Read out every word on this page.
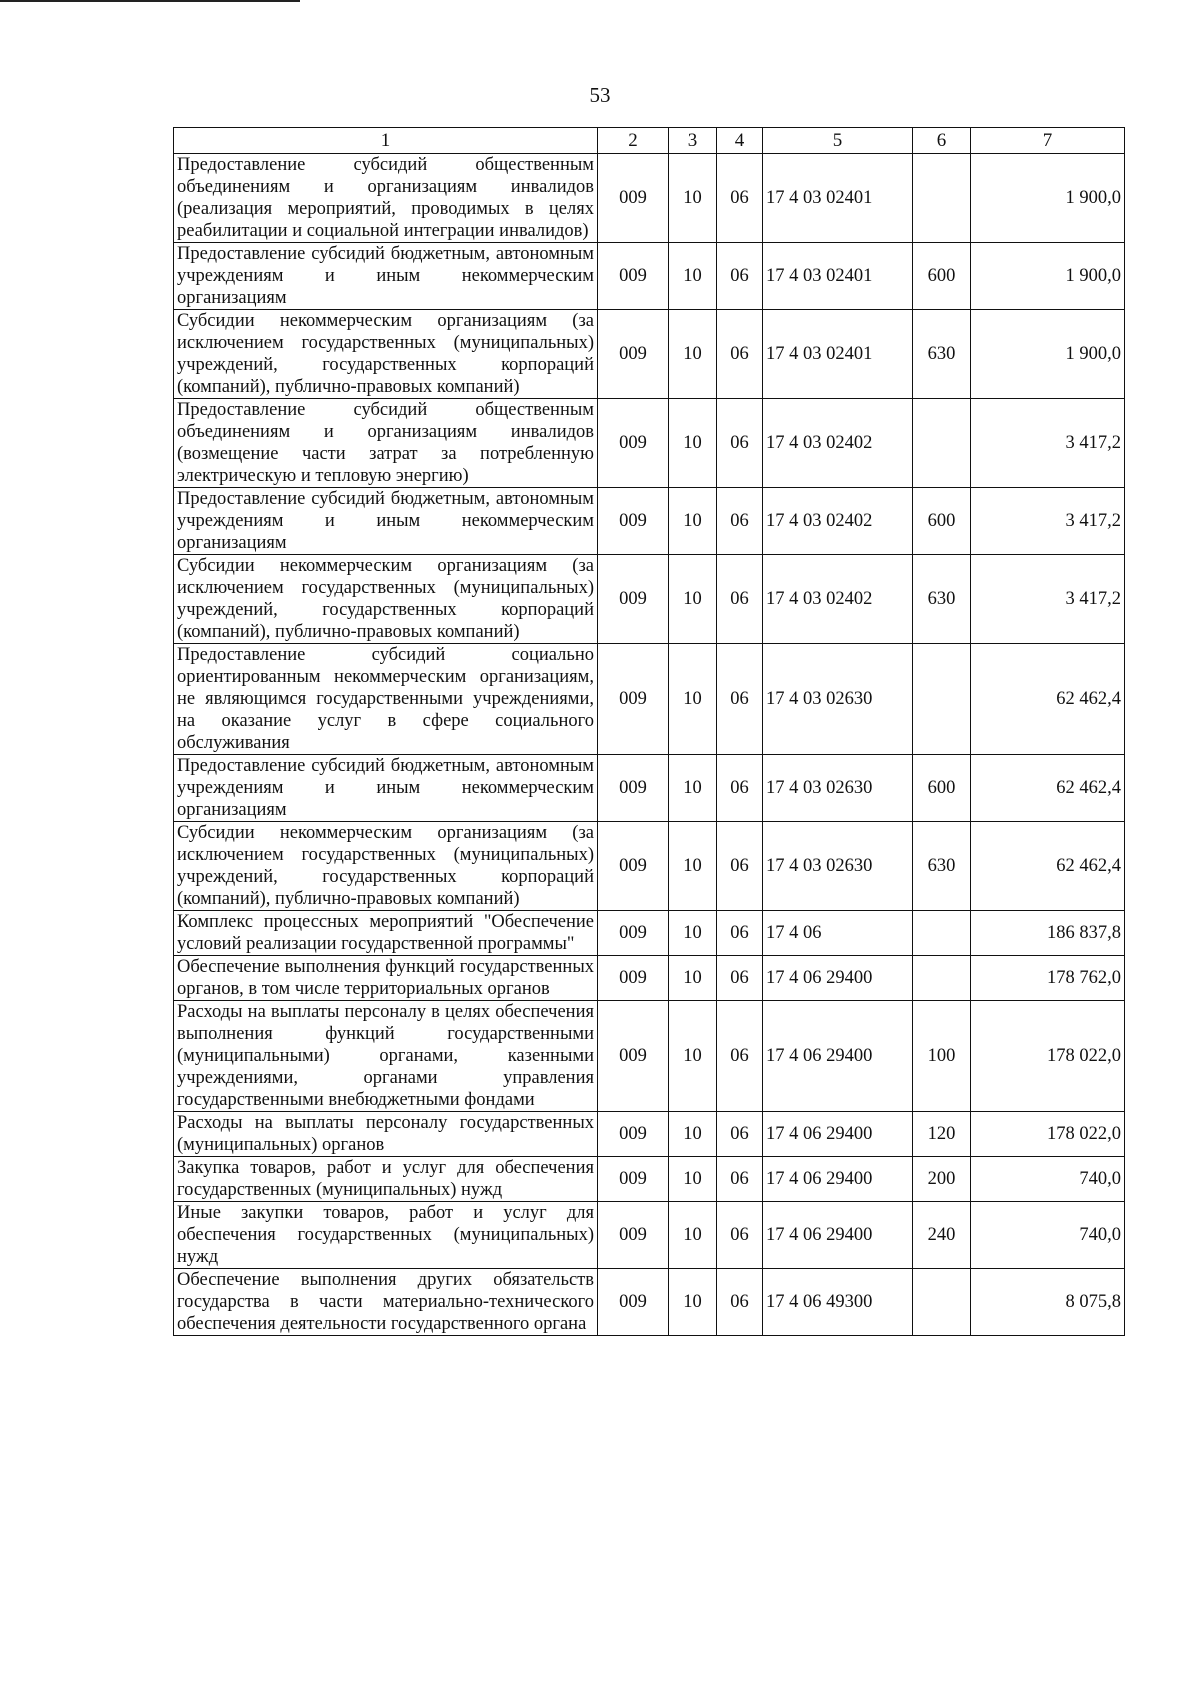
53
1	2	3	4	5	6	7
Предоставление субсидий общественным объединениям и организациям инвалидов (реализация мероприятий, проводимых в целях реабилитации и социальной интеграции инвалидов)	009	10	06	17 4 03 02401		1 900,0
Предоставление субсидий бюджетным, автономным учреждениям и иным некоммерческим организациям	009	10	06	17 4 03 02401	600	1 900,0
Субсидии некоммерческим организациям (за исключением государственных (муниципальных) учреждений, государственных корпораций (компаний), публично-правовых компаний)	009	10	06	17 4 03 02401	630	1 900,0
Предоставление субсидий общественным объединениям и организациям инвалидов (возмещение части затрат за потребленную электрическую и тепловую энергию)	009	10	06	17 4 03 02402		3 417,2
Предоставление субсидий бюджетным, автономным учреждениям и иным некоммерческим организациям	009	10	06	17 4 03 02402	600	3 417,2
Субсидии некоммерческим организациям (за исключением государственных (муниципальных) учреждений, государственных корпораций (компаний), публично-правовых компаний)	009	10	06	17 4 03 02402	630	3 417,2
Предоставление субсидий социально ориентированным некоммерческим организациям, не являющимся государственными учреждениями, на оказание услуг в сфере социального обслуживания	009	10	06	17 4 03 02630		62 462,4
Предоставление субсидий бюджетным, автономным учреждениям и иным некоммерческим организациям	009	10	06	17 4 03 02630	600	62 462,4
Субсидии некоммерческим организациям (за исключением государственных (муниципальных) учреждений, государственных корпораций (компаний), публично-правовых компаний)	009	10	06	17 4 03 02630	630	62 462,4
Комплекс процессных мероприятий "Обеспечение условий реализации государственной программы"	009	10	06	17 4 06		186 837,8
Обеспечение выполнения функций государственных органов, в том числе территориальных органов	009	10	06	17 4 06 29400		178 762,0
Расходы на выплаты персоналу в целях обеспечения выполнения функций государственными (муниципальными) органами, казенными учреждениями, органами управления государственными внебюджетными фондами	009	10	06	17 4 06 29400	100	178 022,0
Расходы на выплаты персоналу государственных (муниципальных) органов	009	10	06	17 4 06 29400	120	178 022,0
Закупка товаров, работ и услуг для обеспечения государственных (муниципальных) нужд	009	10	06	17 4 06 29400	200	740,0
Иные закупки товаров, работ и услуг для обеспечения государственных (муниципальных) нужд	009	10	06	17 4 06 29400	240	740,0
Обеспечение выполнения других обязательств государства в части материально-технического обеспечения деятельности государственного органа	009	10	06	17 4 06 49300		8 075,8
